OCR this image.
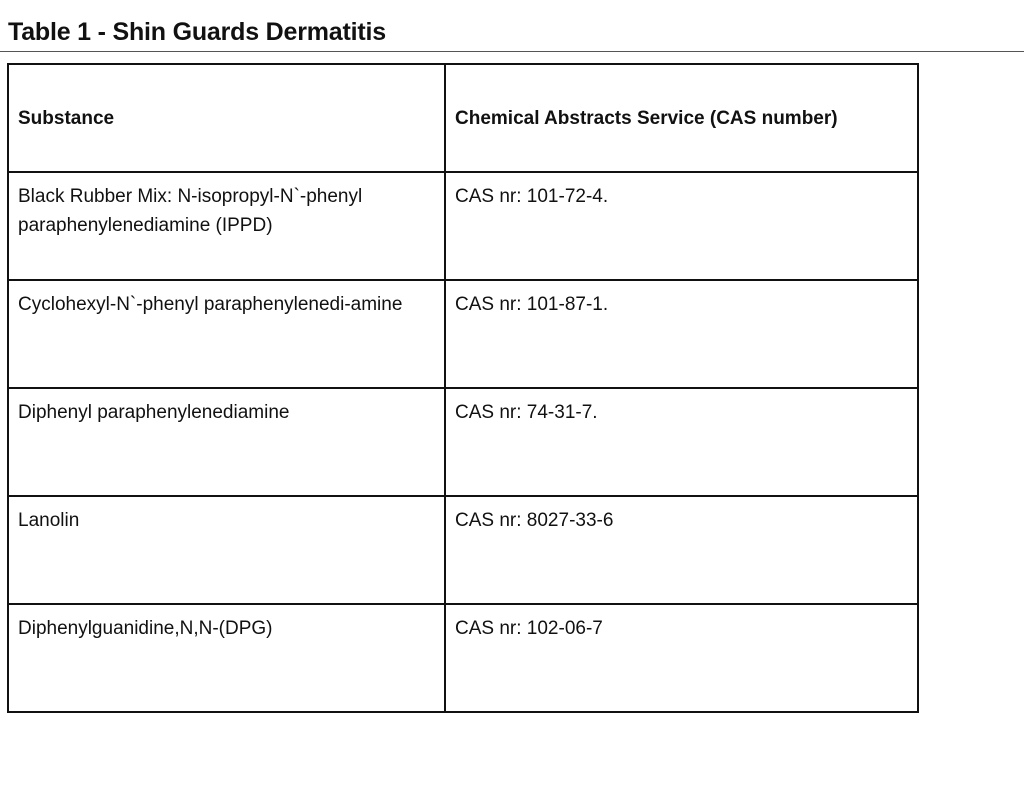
Table 1 - Shin Guards Dermatitis
Substance	Chemical Abstracts Service (CAS number)
Black Rubber Mix: N-isopropyl-N`-phenyl paraphenylenediamine (IPPD)	CAS nr: 101-72-4.
Cyclohexyl-N`-phenyl paraphenylenedi-amine	CAS nr: 101-87-1.
Diphenyl paraphenylenediamine	CAS nr: 74-31-7.
Lanolin	CAS nr: 8027-33-6
Diphenylguanidine,N,N-(DPG)	CAS nr: 102-06-7
